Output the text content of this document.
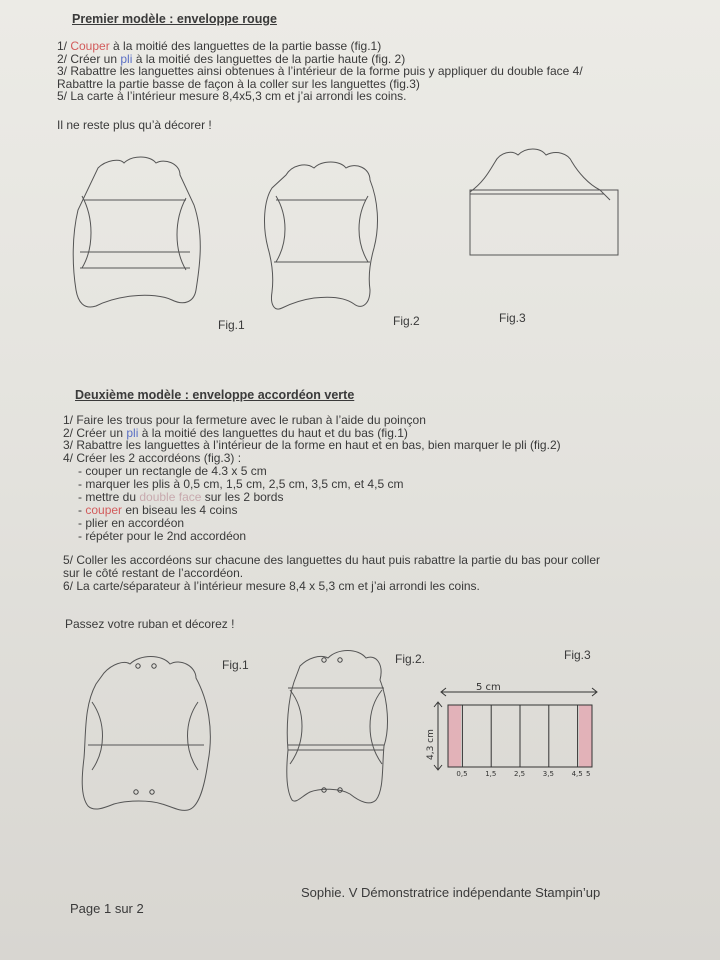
Premier modèle : enveloppe rouge
1/ Couper à la moitié des languettes de la partie basse (fig.1)
2/ Créer un pli à la moitié des languettes de la partie haute (fig. 2)
3/ Rabattre les languettes ainsi obtenues à l’intérieur de la forme puis y appliquer du double face 4/
Rabattre la partie basse de façon à la coller sur les languettes (fig.3)
5/ La carte à l’intérieur mesure 8,4x5,3 cm et j’ai arrondi les coins.
Il ne reste plus qu’à décorer !
Fig.1	Fig.2	Fig.3
Deuxième modèle : enveloppe accordéon verte
1/ Faire les trous pour la fermeture avec le ruban à l’aide du poinçon
2/ Créer un pli à la moitié des languettes du haut et du bas (fig.1)
3/ Rabattre les languettes à l’intérieur de la forme en haut et en bas, bien marquer le pli (fig.2)
4/ Créer les 2 accordéons (fig.3) :
- couper un rectangle de 4.3 x 5 cm
- marquer les plis à 0,5 cm, 1,5 cm, 2,5 cm, 3,5 cm, et 4,5 cm
- mettre du double face sur les 2 bords
- couper en biseau les 4 coins
- plier en accordéon
- répéter pour le 2nd accordéon
5/ Coller les accordéons sur chacune des languettes du haut puis rabattre la partie du bas pour coller
sur le côté restant de l’accordéon.
6/ La carte/séparateur à l’intérieur mesure 8,4 x 5,3 cm et j’ai arrondi les coins.
Passez votre ruban et décorez !
Fig.1	Fig.2.	Fig.3
Page 1 sur 2
Sophie. V Démonstratrice indépendante Stampin’up
5 cm
4,3 cm
0,5	1,5	2,5	3,5	4,5 5
